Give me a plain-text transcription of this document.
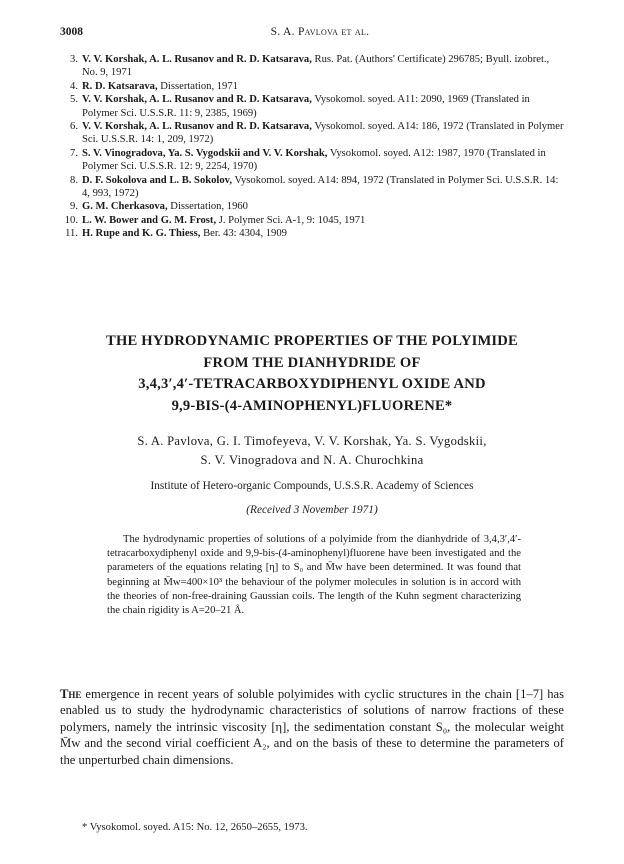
3008	S. A. Pavlova et al.
3. V. V. Korshak, A. L. Rusanov and R. D. Katsarava, Rus. Pat. (Authors' Certificate) 296785; Byull. izobret., No. 9, 1971
4. R. D. Katsarava, Dissertation, 1971
5. V. V. Korshak, A. L. Rusanov and R. D. Katsarava, Vysokomol. soyed. A11: 2090, 1969 (Translated in Polymer Sci. U.S.S.R. 11: 9, 2385, 1969)
6. V. V. Korshak, A. L. Rusanov and R. D. Katsarava, Vysokomol. soyed. A14: 186, 1972 (Translated in Polymer Sci. U.S.S.R. 14: 1, 209, 1972)
7. S. V. Vinogradova, Ya. S. Vygodskii and V. V. Korshak, Vysokomol. soyed. A12: 1987, 1970 (Translated in Polymer Sci. U.S.S.R. 12: 9, 2254, 1970)
8. D. F. Sokolova and L. B. Sokolov, Vysokomol. soyed. A14: 894, 1972 (Translated in Polymer Sci. U.S.S.R. 14: 4, 993, 1972)
9. G. M. Cherkasova, Dissertation, 1960
10. L. W. Bower and G. M. Frost, J. Polymer Sci. A-1, 9: 1045, 1971
11. H. Rupe and K. G. Thiess, Ber. 43: 4304, 1909
THE HYDRODYNAMIC PROPERTIES OF THE POLYIMIDE
FROM THE DIANHYDRIDE OF
3,4,3′,4′-TETRACARBOXYDIPHENYL OXIDE AND
9,9-BIS-(4-AMINOPHENYL)FLUORENE*
S. A. Pavlova, G. I. Timofeyeva, V. V. Korshak, Ya. S. Vygodskii,
S. V. Vinogradova and N. A. Churochkina
Institute of Hetero-organic Compounds, U.S.S.R. Academy of Sciences
(Received 3 November 1971)
The hydrodynamic properties of solutions of a polyimide from the dianhydride of 3,4,3′,4′-tetracarboxydiphenyl oxide and 9,9-bis-(4-aminophenyl)fluorene have been investigated and the parameters of the equations relating [η] to S₀ and M̄w have been determined. It was found that beginning at M̄w=400×10³ the behaviour of the polymer molecules in solution is in accord with the theories of non-free-draining Gaussian coils. The length of the Kuhn segment characterizing the chain rigidity is A=20–21 Å.
The emergence in recent years of soluble polyimides with cyclic structures in the chain [1–7] has enabled us to study the hydrodynamic characteristics of solutions of narrow fractions of these polymers, namely the intrinsic viscosity [η], the sedimentation constant S₀, the molecular weight M̄w and the second virial coefficient A₂, and on the basis of these to determine the parameters of the unperturbed chain dimensions.
* Vysokomol. soyed. A15: No. 12, 2650–2655, 1973.
